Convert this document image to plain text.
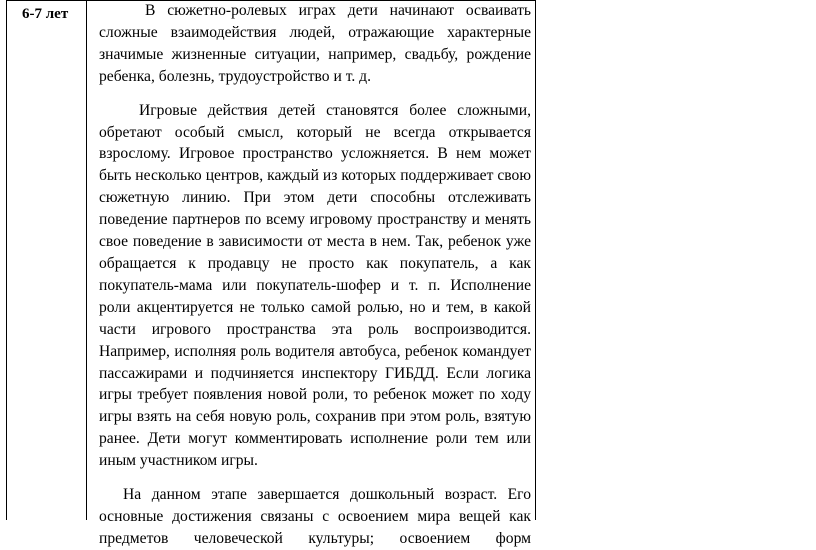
6-7 лет	В сюжетно-ролевых играх дети начинают осваивать сложные взаимодействия людей, отражающие характерные значимые жизненные ситуации, например, свадьбу, рождение ребенка, болезнь, трудоустройство и т. д.

Игровые действия детей становятся более сложными, обретают особый смысл, который не всегда открывается взрослому. Игровое пространство усложняется. В нем может быть несколько центров, каждый из которых поддерживает свою сюжетную линию. При этом дети способны отслеживать поведение партнеров по всему игровому пространству и менять свое поведение в зависимости от места в нем. Так, ребенок уже обращается к продавцу не просто как покупатель, а как покупатель-мама или покупатель-шофер и т. п. Исполнение роли акцентируется не только самой ролью, но и тем, в какой части игрового пространства эта роль воспроизводится. Например, исполняя роль водителя автобуса, ребенок командует пассажирами и подчиняется инспектору ГИБДД. Если логика игры требует появления новой роли, то ребенок может по ходу игры взять на себя новую роль, сохранив при этом роль, взятую ранее. Дети могут комментировать исполнение роли тем или иным участником игры.

На данном этапе завершается дошкольный возраст. Его основные достижения связаны с освоением мира вещей как предметов человеческой культуры; освоением форм
